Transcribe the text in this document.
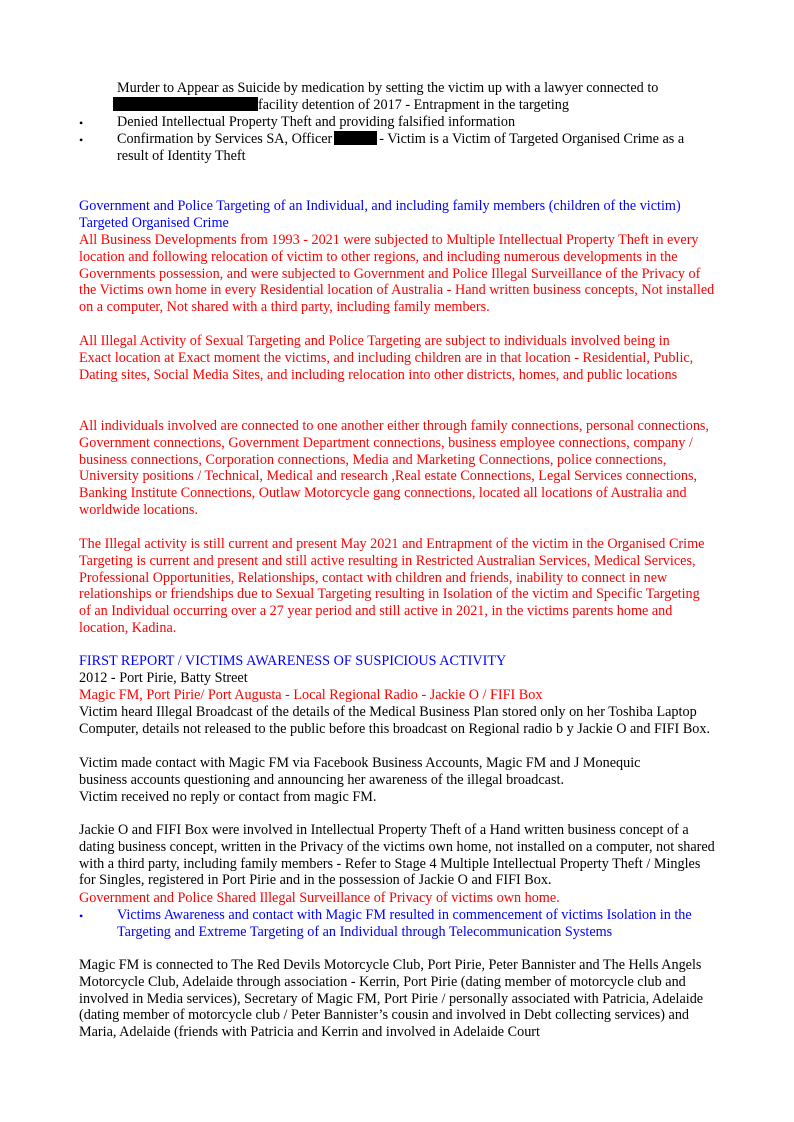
Murder to Appear as Suicide by medication by setting the victim up with a lawyer connected to

facility detention of 2017 - Entrapment in the targeting

•	Denied Intellectual Property Theft and providing falsified information

•	Confirmation by Services SA, Officer	- Victim is a Victim of Targeted Organised Crime as a result of Identity Theft

Government and Police Targeting of an Individual, and including family members (children of the victim) Targeted Organised Crime

All Business Developments from 1993 - 2021 were subjected to Multiple Intellectual Property Theft in every location and following relocation of victim to other regions, and including numerous developments in the Governments possession, and were subjected to Government and Police Illegal Surveillance of the Privacy of the Victims own home in every Residential location of Australia - Hand written business concepts, Not installed on a computer, Not shared with a third party, including family members.

All Illegal Activity of Sexual Targeting and Police Targeting are subject to individuals involved being in Exact location at Exact moment the victims, and including children are in that location - Residential, Public, Dating sites, Social Media Sites, and including relocation into other districts, homes, and public locations

All individuals involved are connected to one another either through family connections, personal connections, Government connections, Government Department connections, business employee connections, company / business connections, Corporation connections, Media and Marketing Connections, police connections, University positions / Technical, Medical and research ,Real estate Connections, Legal Services connections, Banking Institute Connections, Outlaw Motorcycle gang connections, located all locations of Australia and worldwide locations.

The Illegal activity is still current and present May 2021 and Entrapment of the victim in the Organised Crime Targeting is current and present and still active resulting in Restricted Australian Services, Medical Services, Professional Opportunities, Relationships, contact with children and friends, inability to connect in new relationships or friendships due to Sexual Targeting resulting in Isolation of the victim and Specific Targeting of an Individual occurring over a 27 year period and still active in 2021, in the victims parents home and location, Kadina.

FIRST REPORT / VICTIMS AWARENESS OF SUSPICIOUS ACTIVITY

2012 - Port Pirie, Batty Street

Magic FM, Port Pirie/ Port Augusta - Local Regional Radio - Jackie O / FIFI Box

Victim heard Illegal Broadcast of the details of the Medical Business Plan stored only on her Toshiba Laptop Computer, details not released to the public before this broadcast on Regional radio b y Jackie O and FIFI Box.

Victim made contact with Magic FM via Facebook Business Accounts, Magic FM and J Monequic business accounts questioning and announcing her awareness of the illegal broadcast.

Victim received no reply or contact from magic FM.

Jackie O and FIFI Box were involved in Intellectual Property Theft of a Hand written business concept of a dating business concept, written in the Privacy of the victims own home, not installed on a computer, not shared with a third party, including family members - Refer to Stage 4 Multiple Intellectual Property Theft / Mingles for Singles, registered in Port Pirie and in the possession of Jackie O and FIFI Box.

Government and Police Shared Illegal Surveillance of Privacy of victims own home.

•	Victims Awareness and contact with Magic FM resulted in commencement of victims Isolation in the Targeting and Extreme Targeting of an Individual through Telecommunication Systems

Magic FM is connected to The Red Devils Motorcycle Club, Port Pirie, Peter Bannister and The Hells Angels Motorcycle Club, Adelaide through association - Kerrin, Port Pirie (dating member of motorcycle club and involved in Media services), Secretary of Magic FM, Port Pirie / personally associated with Patricia, Adelaide (dating member of motorcycle club / Peter Bannister’s cousin and involved in Debt collecting services) and Maria, Adelaide (friends with Patricia and Kerrin and involved in Adelaide Court
